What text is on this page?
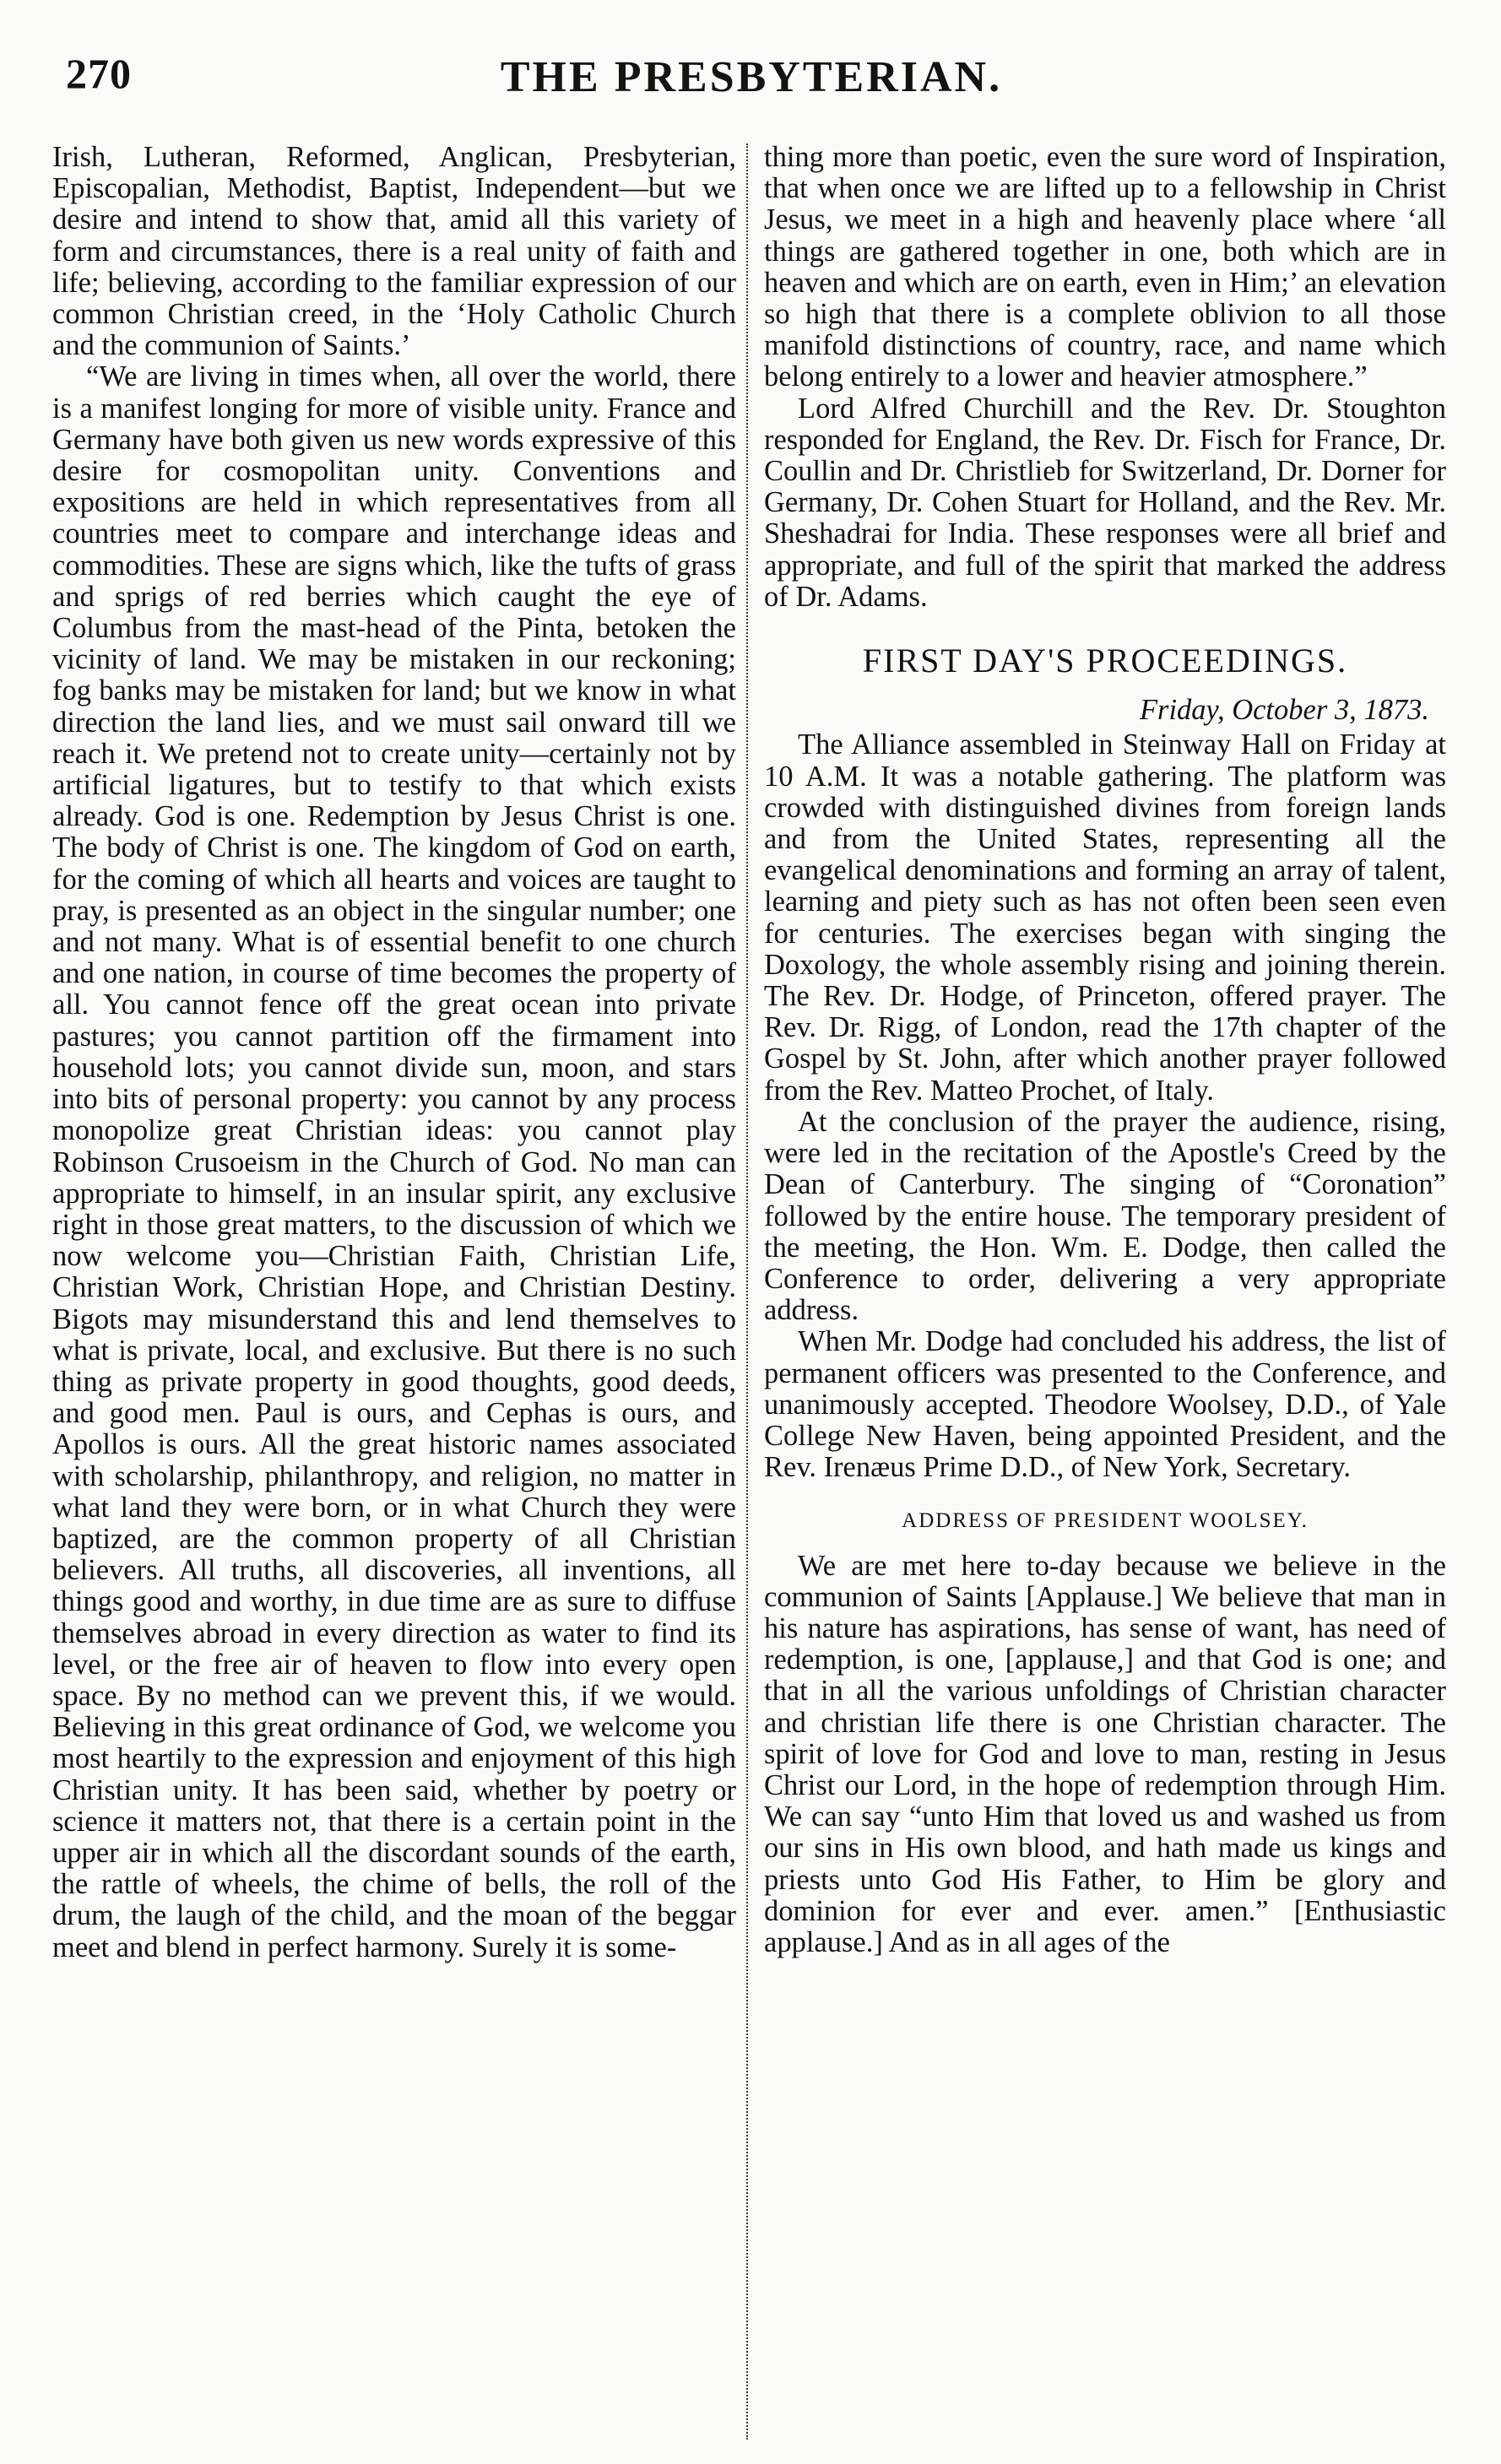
270	THE PRESBYTERIAN.

Irish, Lutheran, Reformed, Anglican, Presbyterian, Episcopalian, Methodist, Baptist, Independent—but we desire and intend to show that, amid all this variety of form and circumstances, there is a real unity of faith and life; believing, according to the familiar expression of our common Christian creed, in the ‘Holy Catholic Church and the communion of Saints.’

“We are living in times when, all over the world, there is a manifest longing for more of visible unity. France and Germany have both given us new words expressive of this desire for cosmopolitan unity. Conventions and expositions are held in which representatives from all countries meet to compare and interchange ideas and commodities. These are signs which, like the tufts of grass and sprigs of red berries which caught the eye of Columbus from the mast-head of the Pinta, betoken the vicinity of land. We may be mistaken in our reckoning; fog banks may be mistaken for land; but we know in what direction the land lies, and we must sail onward till we reach it. We pretend not to create unity—certainly not by artificial ligatures, but to testify to that which exists already. God is one. Redemption by Jesus Christ is one. The body of Christ is one. The kingdom of God on earth, for the coming of which all hearts and voices are taught to pray, is presented as an object in the singular number; one and not many. What is of essential benefit to one church and one nation, in course of time becomes the property of all. You cannot fence off the great ocean into private pastures; you cannot partition off the firmament into household lots; you cannot divide sun, moon, and stars into bits of personal property: you cannot by any process monopolize great Christian ideas: you cannot play Robinson Crusoeism in the Church of God. No man can appropriate to himself, in an insular spirit, any exclusive right in those great matters, to the discussion of which we now welcome you—Christian Faith, Christian Life, Christian Work, Christian Hope, and Christian Destiny. Bigots may misunderstand this and lend themselves to what is private, local, and exclusive. But there is no such thing as private property in good thoughts, good deeds, and good men. Paul is ours, and Cephas is ours, and Apollos is ours. All the great historic names associated with scholarship, philanthropy, and religion, no matter in what land they were born, or in what Church they were baptized, are the common property of all Christian believers. All truths, all discoveries, all inventions, all things good and worthy, in due time are as sure to diffuse themselves abroad in every direction as water to find its level, or the free air of heaven to flow into every open space. By no method can we prevent this, if we would. Believing in this great ordinance of God, we welcome you most heartily to the expression and enjoyment of this high Christian unity. It has been said, whether by poetry or science it matters not, that there is a certain point in the upper air in which all the discordant sounds of the earth, the rattle of wheels, the chime of bells, the roll of the drum, the laugh of the child, and the moan of the beggar meet and blend in perfect harmony. Surely it is some-

thing more than poetic, even the sure word of Inspiration, that when once we are lifted up to a fellowship in Christ Jesus, we meet in a high and heavenly place where ‘all things are gathered together in one, both which are in heaven and which are on earth, even in Him;’ an elevation so high that there is a complete oblivion to all those manifold distinctions of country, race, and name which belong entirely to a lower and heavier atmosphere.”

Lord Alfred Churchill and the Rev. Dr. Stoughton responded for England, the Rev. Dr. Fisch for France, Dr. Coullin and Dr. Christlieb for Switzerland, Dr. Dorner for Germany, Dr. Cohen Stuart for Holland, and the Rev. Mr. Sheshadrai for India. These responses were all brief and appropriate, and full of the spirit that marked the address of Dr. Adams.

FIRST DAY'S PROCEEDINGS.
Friday, October 3, 1873.

The Alliance assembled in Steinway Hall on Friday at 10 A.M. It was a notable gathering. The platform was crowded with distinguished divines from foreign lands and from the United States, representing all the evangelical denominations and forming an array of talent, learning and piety such as has not often been seen even for centuries. The exercises began with singing the Doxology, the whole assembly rising and joining therein. The Rev. Dr. Hodge, of Princeton, offered prayer. The Rev. Dr. Rigg, of London, read the 17th chapter of the Gospel by St. John, after which another prayer followed from the Rev. Matteo Prochet, of Italy.

At the conclusion of the prayer the audience, rising, were led in the recitation of the Apostle's Creed by the Dean of Canterbury. The singing of “Coronation” followed by the entire house. The temporary president of the meeting, the Hon. Wm. E. Dodge, then called the Conference to order, delivering a very appropriate address.

When Mr. Dodge had concluded his address, the list of permanent officers was presented to the Conference, and unanimously accepted. Theodore Woolsey, D.D., of Yale College New Haven, being appointed President, and the Rev. Irenæus Prime D.D., of New York, Secretary.

ADDRESS OF PRESIDENT WOOLSEY.

We are met here to-day because we believe in the communion of Saints [Applause.] We believe that man in his nature has aspirations, has sense of want, has need of redemption, is one, [applause,] and that God is one; and that in all the various unfoldings of Christian character and christian life there is one Christian character. The spirit of love for God and love to man, resting in Jesus Christ our Lord, in the hope of redemption through Him. We can say “unto Him that loved us and washed us from our sins in His own blood, and hath made us kings and priests unto God His Father, to Him be glory and dominion for ever and ever. amen.” [Enthusiastic applause.] And as in all ages of the
